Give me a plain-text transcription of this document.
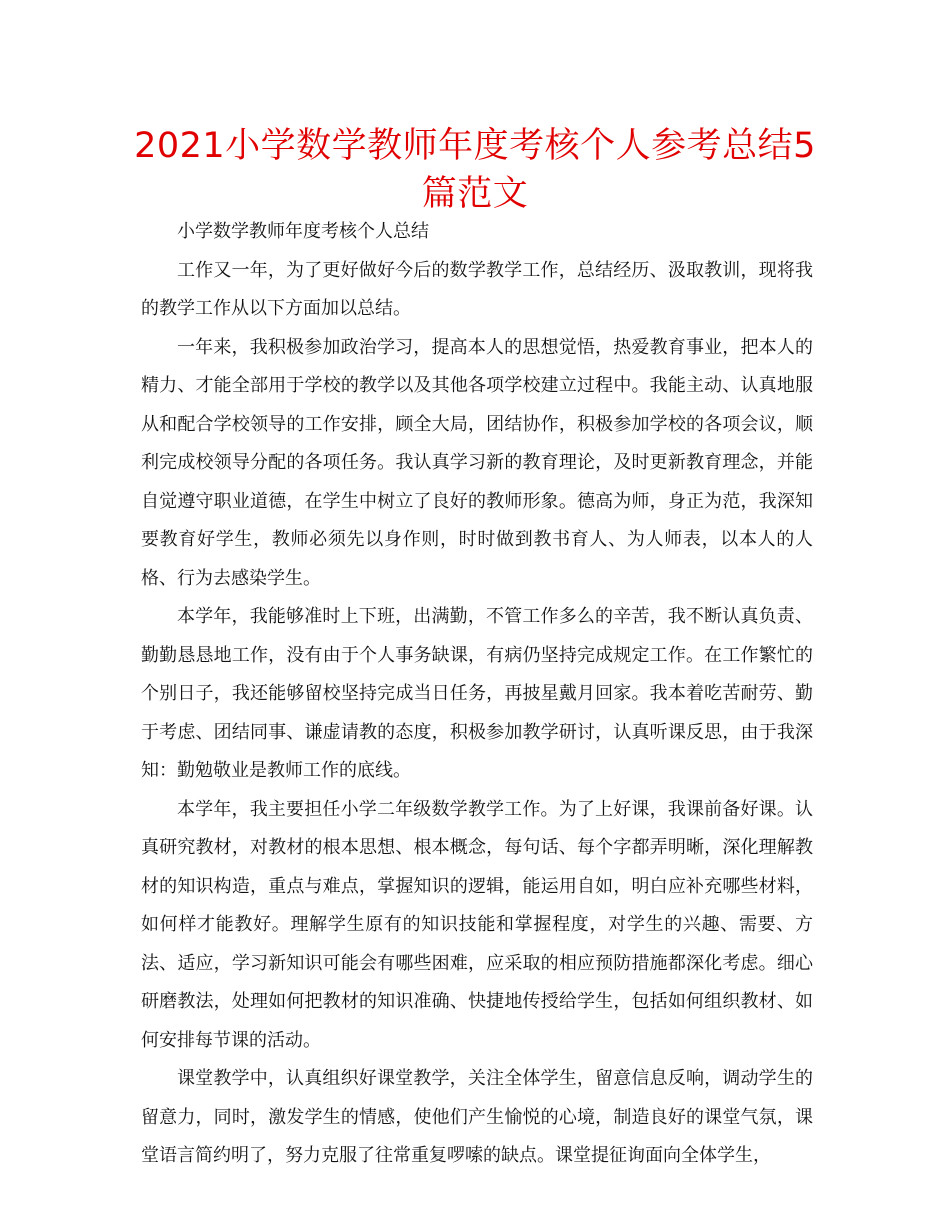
2021小学数学教师年度考核个人参考总结5篇范文

小学数学教师年度考核个人总结

工作又一年，为了更好做好今后的数学教学工作，总结经历、汲取教训，现将我的教学工作从以下方面加以总结。

一年来，我积极参加政治学习，提高本人的思想觉悟，热爱教育事业，把本人的精力、才能全部用于学校的教学以及其他各项学校建立过程中。我能主动、认真地服从和配合学校领导的工作安排，顾全大局，团结协作，积极参加学校的各项会议，顺利完成校领导分配的各项任务。我认真学习新的教育理论，及时更新教育理念，并能自觉遵守职业道德，在学生中树立了良好的教师形象。德高为师，身正为范，我深知要教育好学生，教师必须先以身作则，时时做到教书育人、为人师表，以本人的人格、行为去感染学生。

本学年，我能够准时上下班，出满勤，不管工作多么的辛苦，我不断认真负责、勤勤恳恳地工作，没有由于个人事务缺课，有病仍坚持完成规定工作。在工作繁忙的个别日子，我还能够留校坚持完成当日任务，再披星戴月回家。我本着吃苦耐劳、勤于考虑、团结同事、谦虚请教的态度，积极参加教学研讨，认真听课反思，由于我深知：勤勉敬业是教师工作的底线。

本学年，我主要担任小学二年级数学教学工作。为了上好课，我课前备好课。认真研究教材，对教材的根本思想、根本概念，每句话、每个字都弄明晰，深化理解教材的知识构造，重点与难点，掌握知识的逻辑，能运用自如，明白应补充哪些材料，如何样才能教好。理解学生原有的知识技能和掌握程度，对学生的兴趣、需要、方法、适应，学习新知识可能会有哪些困难，应采取的相应预防措施都深化考虑。细心研磨教法，处理如何把教材的知识准确、快捷地传授给学生，包括如何组织教材、如何安排每节课的活动。

课堂教学中，认真组织好课堂教学，关注全体学生，留意信息反响，调动学生的留意力，同时，激发学生的情感，使他们产生愉悦的心境，制造良好的课堂气氛，课堂语言简约明了，努力克服了往常重复啰嗦的缺点。课堂提征询面向全体学生，
